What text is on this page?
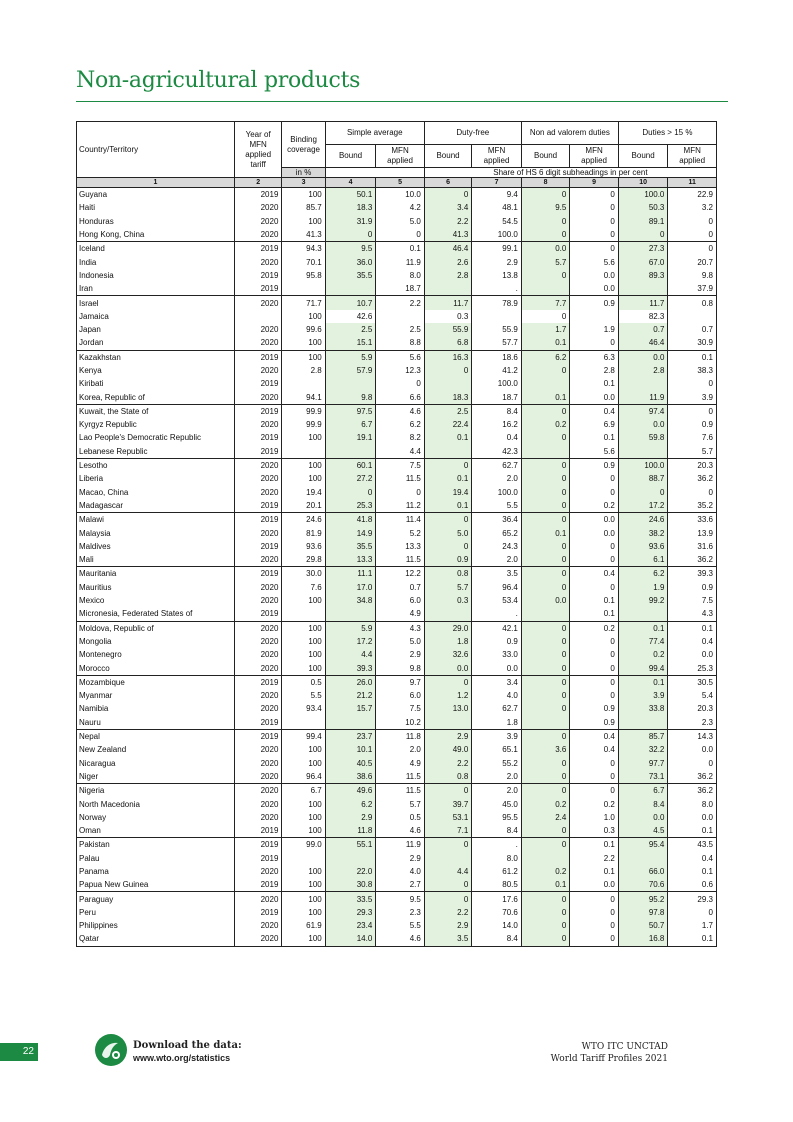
Non-agricultural products
Country/Territory	Year of MFN applied tariff	Binding coverage	Simple average		Duty-free		Non ad valorem duties		Duties > 15 %	
			Bound	MFN applied	Bound	MFN applied	Bound	MFN applied	Bound	MFN applied
		in %			Share of HS 6 digit subheadings in per cent					
1	2	3	4	5	6	7	8	9	10	11
Guyana	2019	100	50.1	10.0	0	9.4	0	0	100.0	22.9
Haiti	2020	85.7	18.3	4.2	3.4	48.1	9.5	0	50.3	3.2
Honduras	2020	100	31.9	5.0	2.2	54.5	0	0	89.1	0
Hong Kong, China	2020	41.3	0	0	41.3	100.0	0	0	0	0
Iceland	2019	94.3	9.5	0.1	46.4	99.1	0.0	0	27.3	0
India	2020	70.1	36.0	11.9	2.6	2.9	5.7	5.6	67.0	20.7
Indonesia	2019	95.8	35.5	8.0	2.8	13.8	0	0.0	89.3	9.8
Iran	2019			18.7		.		0.0		37.9
Israel	2020	71.7	10.7	2.2	11.7	78.9	7.7	0.9	11.7	0.8
Jamaica		100	42.6		0.3		0		82.3	
Japan	2020	99.6	2.5	2.5	55.9	55.9	1.7	1.9	0.7	0.7
Jordan	2020	100	15.1	8.8	6.8	57.7	0.1	0	46.4	30.9
Kazakhstan	2019	100	5.9	5.6	16.3	18.6	6.2	6.3	0.0	0.1
Kenya	2020	2.8	57.9	12.3	0	41.2	0	2.8	2.8	38.3
Kiribati	2019			0		100.0		0.1		0
Korea, Republic of	2020	94.1	9.8	6.6	18.3	18.7	0.1	0.0	11.9	3.9
Kuwait, the State of	2019	99.9	97.5	4.6	2.5	8.4	0	0.4	97.4	0
Kyrgyz Republic	2020	99.9	6.7	6.2	22.4	16.2	0.2	6.9	0.0	0.9
Lao People's Democratic Republic	2019	100	19.1	8.2	0.1	0.4	0	0.1	59.8	7.6
Lebanese Republic	2019			4.4		42.3		5.6		5.7
Lesotho	2020	100	60.1	7.5	0	62.7	0	0.9	100.0	20.3
Liberia	2020	100	27.2	11.5	0.1	2.0	0	0	88.7	36.2
Macao, China	2020	19.4	0	0	19.4	100.0	0	0	0	0
Madagascar	2019	20.1	25.3	11.2	0.1	5.5	0	0.2	17.2	35.2
Malawi	2019	24.6	41.8	11.4	0	36.4	0	0.0	24.6	33.6
Malaysia	2020	81.9	14.9	5.2	5.0	65.2	0.1	0.0	38.2	13.9
Maldives	2019	93.6	35.5	13.3	0	24.3	0	0	93.6	31.6
Mali	2020	29.8	13.3	11.5	0.9	2.0	0	0	6.1	36.2
Mauritania	2019	30.0	11.1	12.2	0.8	3.5	0	0.4	6.2	39.3
Mauritius	2020	7.6	17.0	0.7	5.7	96.4	0	0	1.9	0.9
Mexico	2020	100	34.8	6.0	0.3	53.4	0.0	0.1	99.2	7.5
Micronesia, Federated States of	2019			4.9		.		0.1		4.3
Moldova, Republic of	2020	100	5.9	4.3	29.0	42.1	0	0.2	0.1	0.1
Mongolia	2020	100	17.2	5.0	1.8	0.9	0	0	77.4	0.4
Montenegro	2020	100	4.4	2.9	32.6	33.0	0	0	0.2	0.0
Morocco	2020	100	39.3	9.8	0.0	0.0	0	0	99.4	25.3
Mozambique	2019	0.5	26.0	9.7	0	3.4	0	0	0.1	30.5
Myanmar	2020	5.5	21.2	6.0	1.2	4.0	0	0	3.9	5.4
Namibia	2020	93.4	15.7	7.5	13.0	62.7	0	0.9	33.8	20.3
Nauru	2019			10.2		1.8		0.9		2.3
Nepal	2019	99.4	23.7	11.8	2.9	3.9	0	0.4	85.7	14.3
New Zealand	2020	100	10.1	2.0	49.0	65.1	3.6	0.4	32.2	0.0
Nicaragua	2020	100	40.5	4.9	2.2	55.2	0	0	97.7	0
Niger	2020	96.4	38.6	11.5	0.8	2.0	0	0	73.1	36.2
Nigeria	2020	6.7	49.6	11.5	0	2.0	0	0	6.7	36.2
North Macedonia	2020	100	6.2	5.7	39.7	45.0	0.2	0.2	8.4	8.0
Norway	2020	100	2.9	0.5	53.1	95.5	2.4	1.0	0.0	0.0
Oman	2019	100	11.8	4.6	7.1	8.4	0	0.3	4.5	0.1
Pakistan	2019	99.0	55.1	11.9	0	.	0	0.1	95.4	43.5
Palau	2019			2.9		8.0		2.2		0.4
Panama	2020	100	22.0	4.0	4.4	61.2	0.2	0.1	66.0	0.1
Papua New Guinea	2019	100	30.8	2.7	0	80.5	0.1	0.0	70.6	0.6
Paraguay	2020	100	33.5	9.5	0	17.6	0	0	95.2	29.3
Peru	2019	100	29.3	2.3	2.2	70.6	0	0	97.8	0
Philippines	2020	61.9	23.4	5.5	2.9	14.0	0	0	50.7	1.7
Qatar	2020	100	14.0	4.6	3.5	8.4	0	0	16.8	0.1
22
Download the data:
www.wto.org/statistics
WTO ITC UNCTAD
World Tariff Profiles 2021
